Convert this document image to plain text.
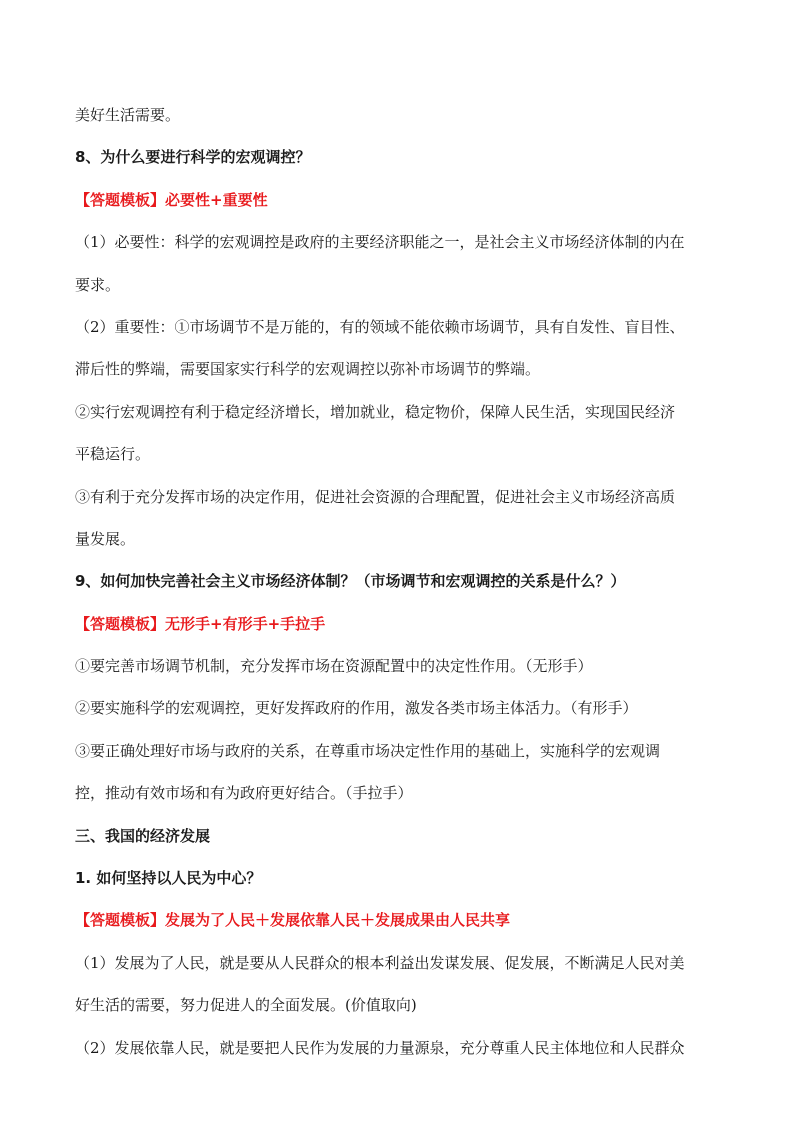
美好生活需要。
8、为什么要进行科学的宏观调控？
【答题模板】必要性+重要性
（1）必要性：科学的宏观调控是政府的主要经济职能之一，是社会主义市场经济体制的内在
要求。
（2）重要性：①市场调节不是万能的，有的领域不能依赖市场调节，具有自发性、盲目性、
滞后性的弊端，需要国家实行科学的宏观调控以弥补市场调节的弊端。
②实行宏观调控有利于稳定经济增长，增加就业，稳定物价，保障人民生活，实现国民经济
平稳运行。
③有利于充分发挥市场的决定作用，促进社会资源的合理配置，促进社会主义市场经济高质
量发展。
9、如何加快完善社会主义市场经济体制？（市场调节和宏观调控的关系是什么？）
【答题模板】无形手+有形手+手拉手
①要完善市场调节机制，充分发挥市场在资源配置中的决定性作用。（无形手）
②要实施科学的宏观调控，更好发挥政府的作用，激发各类市场主体活力。（有形手）
③要正确处理好市场与政府的关系，在尊重市场决定性作用的基础上，实施科学的宏观调
控，推动有效市场和有为政府更好结合。（手拉手）
三、我国的经济发展
1. 如何坚持以人民为中心？
【答题模板】发展为了人民＋发展依靠人民＋发展成果由人民共享
（1）发展为了人民，就是要从人民群众的根本利益出发谋发展、促发展，不断满足人民对美
好生活的需要，努力促进人的全面发展。(价值取向)
（2）发展依靠人民，就是要把人民作为发展的力量源泉，充分尊重人民主体地位和人民群众
